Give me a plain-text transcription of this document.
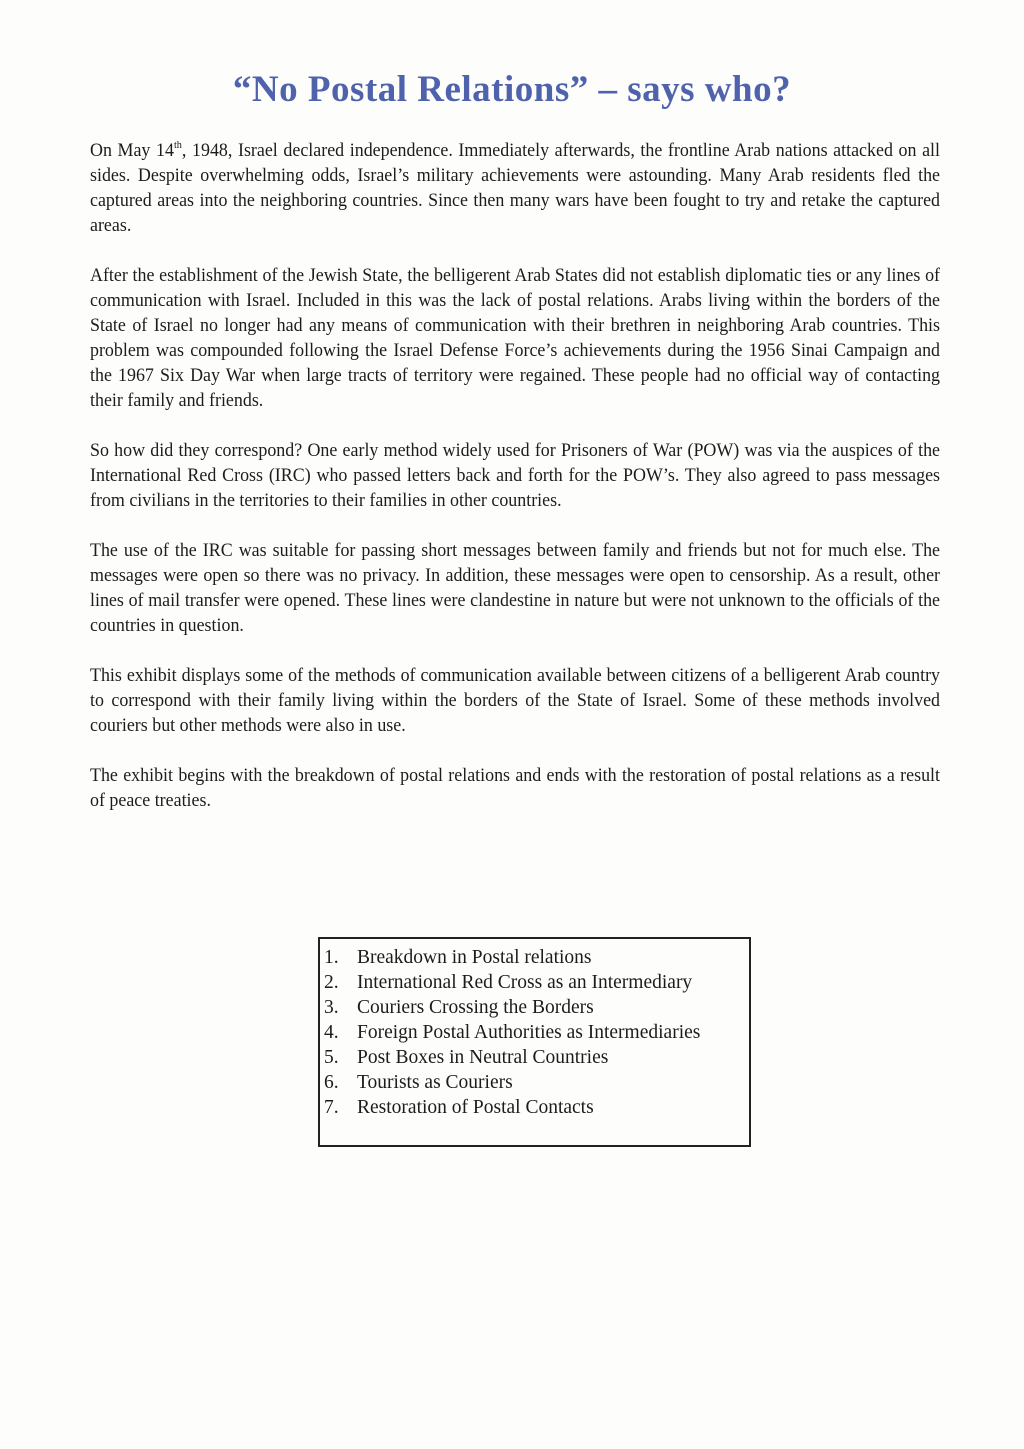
“No Postal Relations” – says who?

On May 14th, 1948, Israel declared independence. Immediately afterwards, the frontline Arab nations attacked on all sides. Despite overwhelming odds, Israel’s military achievements were astounding. Many Arab residents fled the captured areas into the neighboring countries. Since then many wars have been fought to try and retake the captured areas.

After the establishment of the Jewish State, the belligerent Arab States did not establish diplomatic ties or any lines of communication with Israel. Included in this was the lack of postal relations. Arabs living within the borders of the State of Israel no longer had any means of communication with their brethren in neighboring Arab countries. This problem was compounded following the Israel Defense Force’s achievements during the 1956 Sinai Campaign and the 1967 Six Day War when large tracts of territory were regained. These people had no official way of contacting their family and friends.

So how did they correspond? One early method widely used for Prisoners of War (POW) was via the auspices of the International Red Cross (IRC) who passed letters back and forth for the POW’s. They also agreed to pass messages from civilians in the territories to their families in other countries.

The use of the IRC was suitable for passing short messages between family and friends but not for much else. The messages were open so there was no privacy. In addition, these messages were open to censorship. As a result, other lines of mail transfer were opened. These lines were clandestine in nature but were not unknown to the officials of the countries in question.

This exhibit displays some of the methods of communication available between citizens of a belligerent Arab country to correspond with their family living within the borders of the State of Israel. Some of these methods involved couriers but other methods were also in use.

The exhibit begins with the breakdown of postal relations and ends with the restoration of postal relations as a result of peace treaties.

1. Breakdown in Postal relations
2. International Red Cross as an Intermediary
3. Couriers Crossing the Borders
4. Foreign Postal Authorities as Intermediaries
5. Post Boxes in Neutral Countries
6. Tourists as Couriers
7. Restoration of Postal Contacts
